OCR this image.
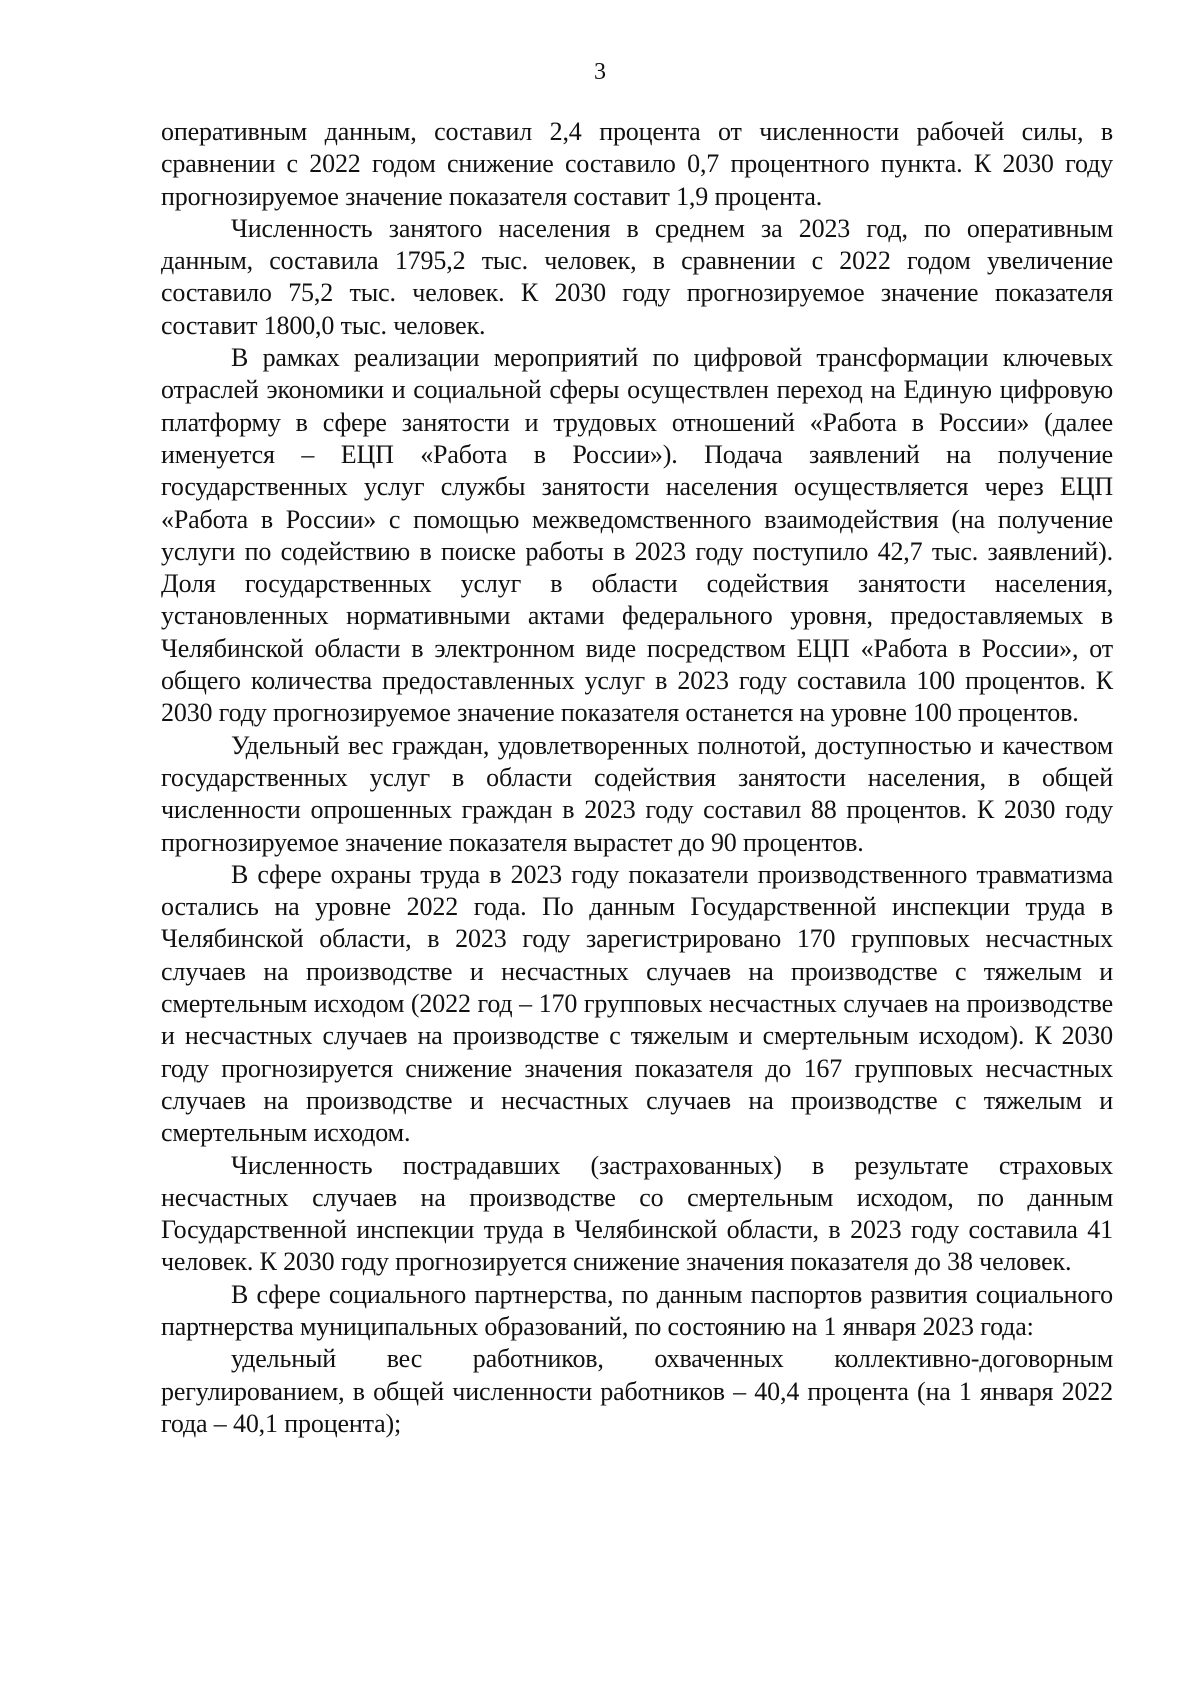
3

оперативным данным, составил 2,4 процента от численности рабочей силы, в сравнении с 2022 годом снижение составило 0,7 процентного пункта. К 2030 году прогнозируемое значение показателя составит 1,9 процента.

Численность занятого населения в среднем за 2023 год, по оперативным данным, составила 1795,2 тыс. человек, в сравнении с 2022 годом увеличение составило 75,2 тыс. человек. К 2030 году прогнозируемое значение показателя составит 1800,0 тыс. человек.

В рамках реализации мероприятий по цифровой трансформации ключевых отраслей экономики и социальной сферы осуществлен переход на Единую цифровую платформу в сфере занятости и трудовых отношений «Работа в России» (далее именуется – ЕЦП «Работа в России»). Подача заявлений на получение государственных услуг службы занятости населения осуществляется через ЕЦП «Работа в России» с помощью межведомственного взаимодействия (на получение услуги по содействию в поиске работы в 2023 году поступило 42,7 тыс. заявлений). Доля государственных услуг в области содействия занятости населения, установленных нормативными актами федерального уровня, предоставляемых в Челябинской области в электронном виде посредством ЕЦП «Работа в России», от общего количества предоставленных услуг в 2023 году составила 100 процентов. К 2030 году прогнозируемое значение показателя останется на уровне 100 процентов.

Удельный вес граждан, удовлетворенных полнотой, доступностью и качеством государственных услуг в области содействия занятости населения, в общей численности опрошенных граждан в 2023 году составил 88 процентов. К 2030 году прогнозируемое значение показателя вырастет до 90 процентов.

В сфере охраны труда в 2023 году показатели производственного травматизма остались на уровне 2022 года. По данным Государственной инспекции труда в Челябинской области, в 2023 году зарегистрировано 170 групповых несчастных случаев на производстве и несчастных случаев на производстве с тяжелым и смертельным исходом (2022 год – 170 групповых несчастных случаев на производстве и несчастных случаев на производстве с тяжелым и смертельным исходом). К 2030 году прогнозируется снижение значения показателя до 167 групповых несчастных случаев на производстве и несчастных случаев на производстве с тяжелым и смертельным исходом.

Численность пострадавших (застрахованных) в результате страховых несчастных случаев на производстве со смертельным исходом, по данным Государственной инспекции труда в Челябинской области, в 2023 году составила 41 человек. К 2030 году прогнозируется снижение значения показателя до 38 человек.

В сфере социального партнерства, по данным паспортов развития социального партнерства муниципальных образований, по состоянию на 1 января 2023 года:

удельный вес работников, охваченных коллективно-договорным регулированием, в общей численности работников – 40,4 процента (на 1 января 2022 года – 40,1 процента);
